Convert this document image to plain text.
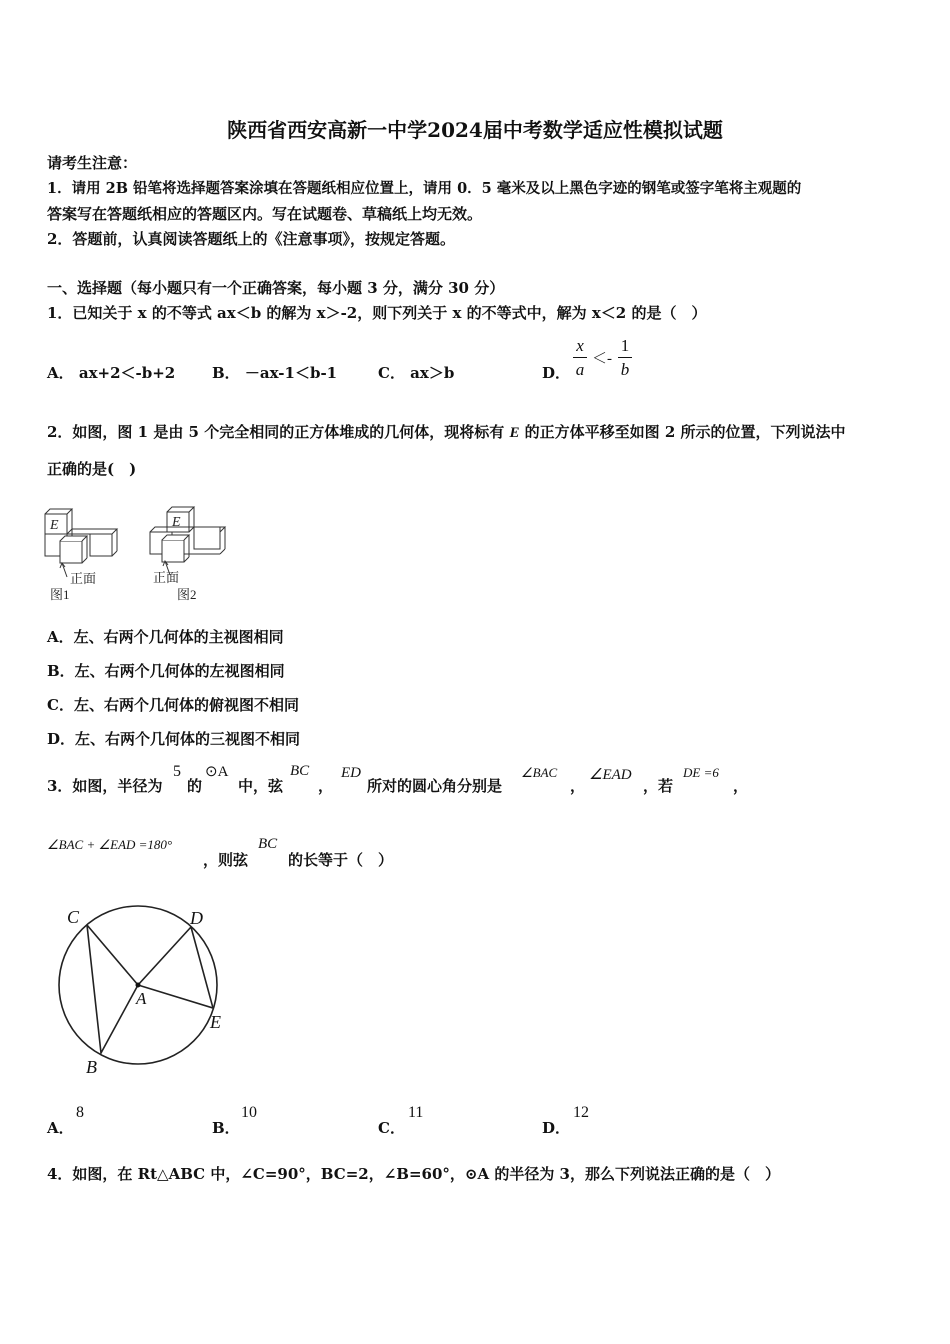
陕西省西安高新一中学2024届中考数学适应性模拟试题
请考生注意：
1．请用 2B 铅笔将选择题答案涂填在答题纸相应位置上，请用 0．5 毫米及以上黑色字迹的钢笔或签字笔将主观题的
答案写在答题纸相应的答题区内。写在试题卷、草稿纸上均无效。
2．答题前，认真阅读答题纸上的《注意事项》，按规定答题。
一、选择题（每小题只有一个正确答案，每小题 3 分，满分 30 分）
1．已知关于 x 的不等式 ax＜b 的解为 x＞-2，则下列关于 x 的不等式中，解为 x＜2 的是（　）
A． ax+2＜-b+2 B． －ax-1＜b-1	C． ax＞b	D．
x
a
＜-
1
b
2．如图，图 1 是由 5 个完全相同的正方体堆成的几何体，现将标有 E 的正方体平移至如图 2 所示的位置，下列说法中
正确的是(　)
E	E
正面	正面
图1	图2
A．左、右两个几何体的主视图相同
B．左、右两个几何体的左视图相同
C．左、右两个几何体的俯视图不相同
D．左、右两个几何体的三视图不相同
3．如图，半径为
5
的
⊙A
中，弦
BC
，
ED
所对的圆心角分别是
∠BAC
，
∠EAD
，若
DE =6
，
∠BAC + ∠EAD =180°
，则弦
BC
的长等于（　）
C	D
A
E
B
A．
8
B．
10
C．
11
D．
12
4．如图，在 Rt△ABC 中，∠C=90°，BC=2，∠B=60°，⊙A 的半径为 3，那么下列说法正确的是（　）
